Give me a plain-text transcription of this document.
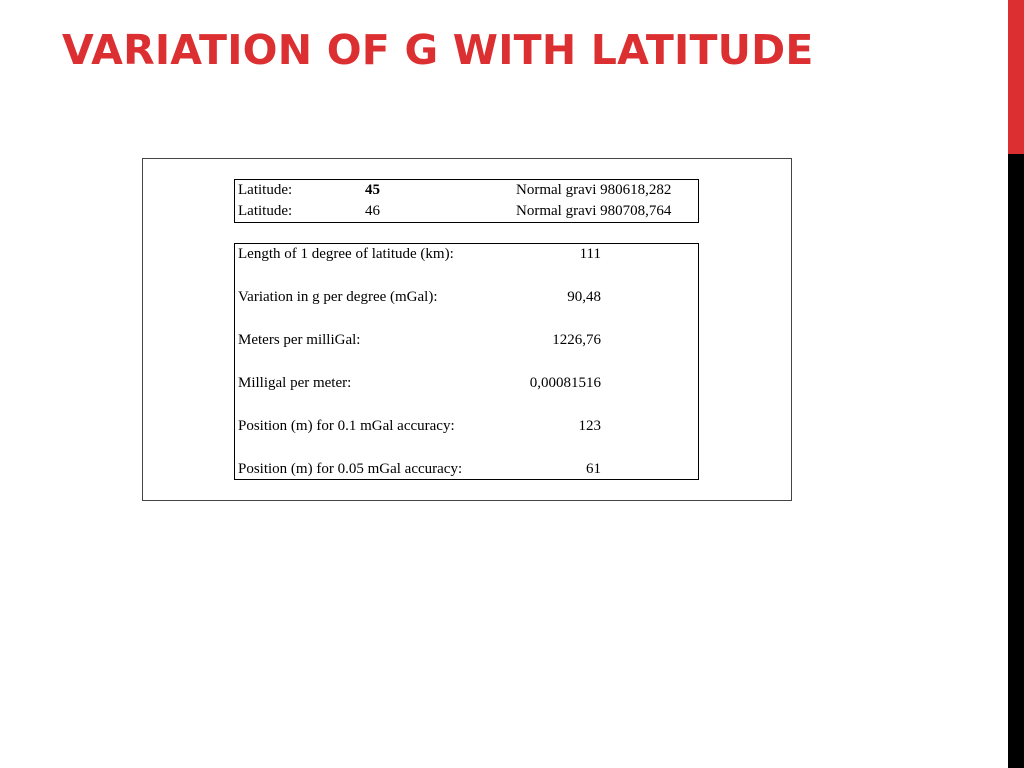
VARIATION OF G WITH LATITUDE
Latitude:	45	Normal gravi 980618,282
Latitude:	46	Normal gravi 980708,764
Length of 1 degree of latitude (km):	111
Variation in g per degree (mGal):	90,48
Meters per milliGal:	1226,76
Milligal per meter:	0,00081516
Position (m) for 0.1 mGal accuracy:	123
Position (m) for 0.05 mGal accuracy:	61
